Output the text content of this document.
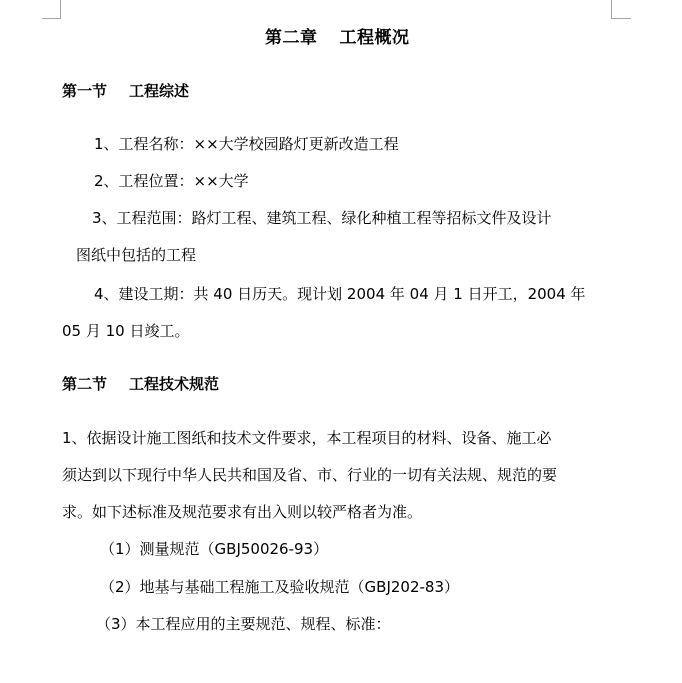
第二章 工程概况
第一节 工程综述
1、工程名称：××大学校园路灯更新改造工程
2、工程位置：××大学
3、工程范围：路灯工程、建筑工程、绿化种植工程等招标文件及设计
图纸中包括的工程
4、建设工期：共 40 日历天。现计划 2004 年 04 月 1 日开工，2004 年
05 月 10 日竣工。
第二节 工程技术规范
1、依据设计施工图纸和技术文件要求，本工程项目的材料、设备、施工必
须达到以下现行中华人民共和国及省、市、行业的一切有关法规、规范的要
求。如下述标准及规范要求有出入则以较严格者为准。
（1）测量规范（GBJ50026-93）
（2）地基与基础工程施工及验收规范（GBJ202-83）
（3）本工程应用的主要规范、规程、标准：
